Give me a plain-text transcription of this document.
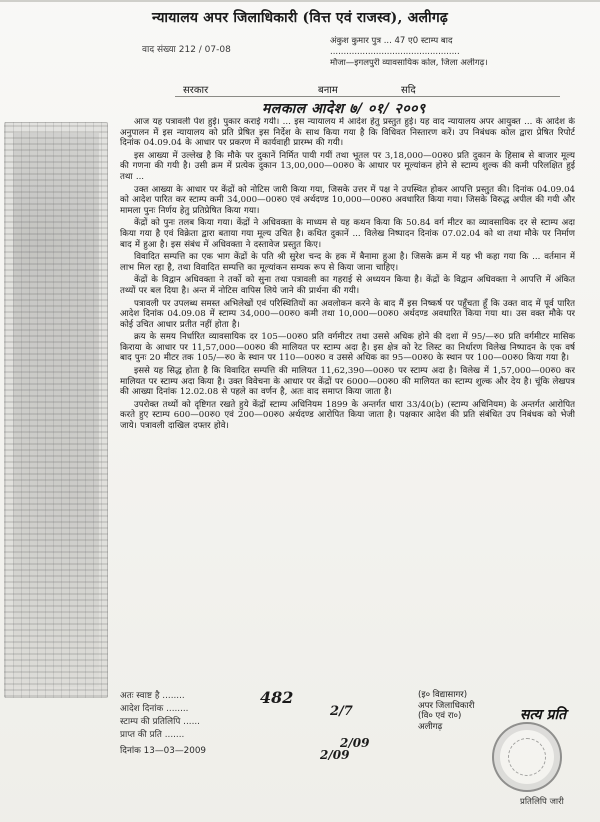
न्यायालय अपर जिलाधिकारी (वित्त एवं राजस्व), अलीगढ़
वाद संख्या 212 / 07-08
अंकुश कुमार पुत्र ... 47 ए0 स्टाम्प बाद
................................................
मौजा—इगलपुरी व्यावसायिक कोल, जिला अलीगढ़।
सरकार	बनाम	सदि
मलकाल आदेश ७/ ०१/ २००९

आज यह पत्रावली पेश हुई। पुकार कराई गयी। ... इस न्यायालय में आदेश हेतु प्रस्तुत हुई। यह वाद न्यायालय अपर आयुक्त ... के आदेश के अनुपालन में इस न्यायालय को प्रति प्रेषित इस निर्देश के साथ किया गया है कि विधिवत निस्तारण करें। उप निबंधक कोल द्वारा प्रेषित रिपोर्ट दिनांक 04.09.04 के आधार पर प्रकरण में कार्यवाही प्रारम्भ की गयी।

इस आख्या में उल्लेख है कि मौके पर दुकानें निर्मित पायी गयीं तथा भूतल पर 3,18,000—00रु0 प्रति दुकान के हिसाब से बाजार मूल्य की गणना की गयी है। उसी क्रम में प्रत्येक दुकान 13,00,000—00रु0 के आधार पर मूल्यांकन होने से स्टाम्प शुल्क की कमी परिलक्षित हुई तथा ...

उक्त आख्या के आधार पर केंद्रों को नोटिस जारी किया गया, जिसके उत्तर में पक्ष ने उपस्थित होकर आपत्ति प्रस्तुत की। दिनांक 04.09.04 को आदेश पारित कर स्टाम्प कमी 34,000—00रु0 एवं अर्थदण्ड 10,000—00रु0 अवधारित किया गया। जिसके विरुद्ध अपील की गयी और मामला पुनः निर्णय हेतु प्रतिप्रेषित किया गया।

केंद्रों को पुनः तलब किया गया। केंद्रों ने अधिवक्ता के माध्यम से यह कथन किया कि 50.84 वर्ग मीटर का व्यावसायिक दर से स्टाम्प अदा किया गया है एवं विक्रेता द्वारा बताया गया मूल्य उचित है। कथित दुकानें ... विलेख निष्पादन दिनांक 07.02.04 को था तथा मौके पर निर्माण बाद में हुआ है। इस संबंध में अधिवक्ता ने दस्तावेज प्रस्तुत किए।

विवादित सम्पत्ति का एक भाग केंद्रों के पति श्री सुरेश चन्द के हक में बैनामा हुआ है। जिसके क्रम में यह भी कहा गया कि ... वर्तमान में लाभ मिल रहा है, तथा विवादित सम्पत्ति का मूल्यांकन सम्यक रूप से किया जाना चाहिए।

केंद्रों के विद्वान अधिवक्ता ने तर्को को सुना तथा पत्रावली का गहराई से अध्ययन किया है। केंद्रों के विद्वान अधिवक्ता ने आपत्ति में अंकित तथ्यों पर बल दिया है। अन्त में नोटिस वापिस लिये जाने की प्रार्थना की गयी।

पत्रावली पर उपलब्ध समस्त अभिलेखों एवं परिस्थितियों का अवलोकन करने के बाद मैं इस निष्कर्ष पर पहुँचता हूँ कि उक्त वाद में पूर्व पारित आदेश दिनांक 04.09.08 में स्टाम्प 34,000—00रु0 कमी तथा 10,000—00रु0 अर्थदण्ड अवधारित किया गया था। उस वक्त मौके पर कोई उचित आधार प्रतीत नहीं होता है।

क्रय के समय निर्धारित व्यावसायिक दर 105—00रु0 प्रति वर्गमीटर तथा उससे अधिक होने की दशा में 95/—रु0 प्रति वर्गमीटर मासिक किराया के आधार पर 11,57,000—00रु0 की मालियत पर स्टाम्प अदा है। इस क्षेत्र को रेट लिस्ट का निर्धारण विलेख निष्पादन के एक वर्ष बाद पुनः 20 मीटर तक 105/—रु0 के स्थान पर 110—00रु0 व उससे अधिक का 95—00रु0 के स्थान पर 100—00रु0 किया गया है।

इससे यह सिद्ध होता है कि विवादित सम्पत्ति की मालियत 11,62,390—00रु0 पर स्टाम्प अदा है। विलेख में 1,57,000—00रु0 कर मालियत पर स्टाम्प अदा किया है। उक्त विवेचना के आधार पर केंद्रों पर 6000—00रु0 की मालियत का स्टाम्प शुल्क और देय है। चूंकि लेखपत्र की आख्या दिनांक 12.02.08 से पहले का वर्णन है, अतः वाद समाप्त किया जाता है।

उपरोक्त तथ्यों को दृष्टिगत रखते हुये केंद्रों स्टाम्प अधिनियम 1899 के अन्तर्गत धारा 33/40(b) (स्टाम्प अधिनियम) के अन्तर्गत आरोपित करते हुए स्टाम्प 600—00रु0 एवं 200—00रु0 अर्थदण्ड आरोपित किया जाता है। पक्षकार आदेश की प्रति संबंधित उप निबंधक को भेजी जाये। पत्रावली दाखिल दफ्तर होवे।

अतः स्वाष्ट है ........
आदेश दिनांक ........
स्टाम्प की प्रतिलिपि ......
प्राप्त की प्रति .......
482
2/7
2/09
2/09
दिनांक 13—03—2009
(इ० विद्यासागर)
अपर जिलाधिकारी
(वि० एवं रा०)
अलीगढ़
सत्य प्रति
प्रतिलिपि जारी
